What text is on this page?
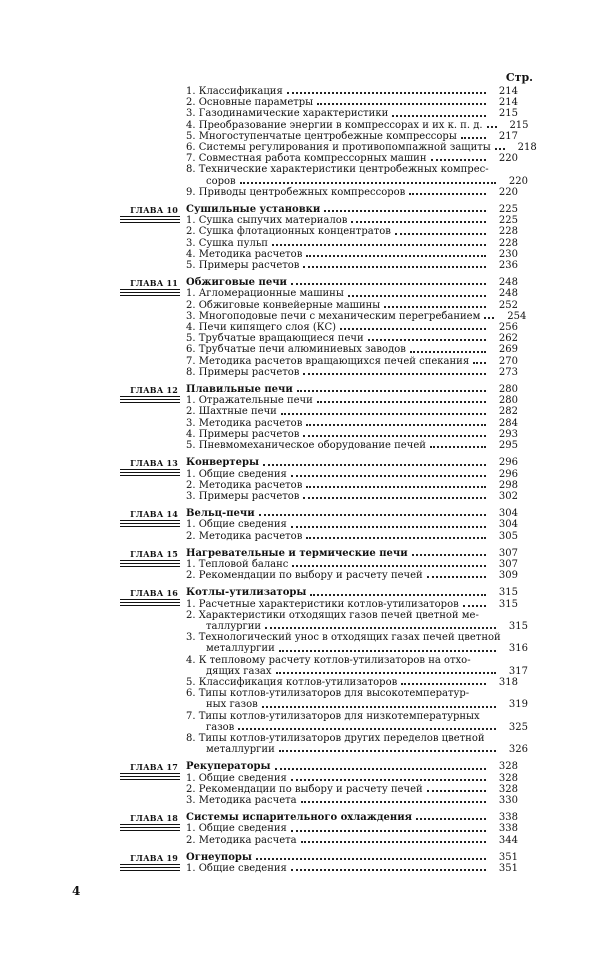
Стр.
1. Классификация	214
2. Основные параметры	214
3. Газодинамические характеристики	215
4. Преобразование энергии в компрессорах и их к. п. д.	215
5. Многоступенчатые центробежные компрессоры	217
6. Системы регулирования и противопомпажной защиты	218
7. Совместная работа компрессорных машин	220
8. Технические характеристики центробежных компрес-
соров	220
9. Приводы центробежных компрессоров	220
ГЛАВА 10 Сушильные установки	225
1. Сушка сыпучих материалов	225
2. Сушка флотационных концентратов	228
3. Сушка пульп	228
4. Методика расчетов	230
5. Примеры расчетов	236
ГЛАВА 11 Обжиговые печи	248
1. Агломерационные машины	248
2. Обжиговые конвейерные машины	252
3. Многоподовые печи с механическим перегребанием	254
4. Печи кипящего слоя (КС)	256
5. Трубчатые вращающиеся печи	262
6. Трубчатые печи алюминиевых заводов	269
7. Методика расчетов вращающихся печей спекания	270
8. Примеры расчетов	273
ГЛАВА 12 Плавильные печи	280
1. Отражательные печи	280
2. Шахтные печи	282
3. Методика расчетов	284
4. Примеры расчетов	293
5. Пневмомеханическое оборудование печей	295
ГЛАВА 13 Конвертеры	296
1. Общие сведения	296
2. Методика расчетов	298
3. Примеры расчетов	302
ГЛАВА 14 Вельц-печи	304
1. Общие сведения	304
2. Методика расчетов	305
ГЛАВА 15 Нагревательные и термические печи	307
1. Тепловой баланс	307
2. Рекомендации по выбору и расчету печей	309
ГЛАВА 16 Котлы-утилизаторы	315
1. Расчетные характеристики котлов-утилизаторов	315
2. Характеристики отходящих газов печей цветной ме-
таллургии	315
3. Технологический унос в отходящих газах печей цветной
металлургии	316
4. К тепловому расчету котлов-утилизаторов на отхо-
дящих газах	317
5. Классификация котлов-утилизаторов	318
6. Типы котлов-утилизаторов для высокотемператур-
ных газов	319
7. Типы котлов-утилизаторов для низкотемпературных
газов	325
8. Типы котлов-утилизаторов других переделов цветной
металлургии	326
ГЛАВА 17 Рекуператоры	328
1. Общие сведения	328
2. Рекомендации по выбору и расчету печей	328
3. Методика расчета	330
ГЛАВА 18 Системы испарительного охлаждения	338
1. Общие сведения	338
2. Методика расчета	344
ГЛАВА 19 Огнеупоры	351
1. Общие сведения	351
4
